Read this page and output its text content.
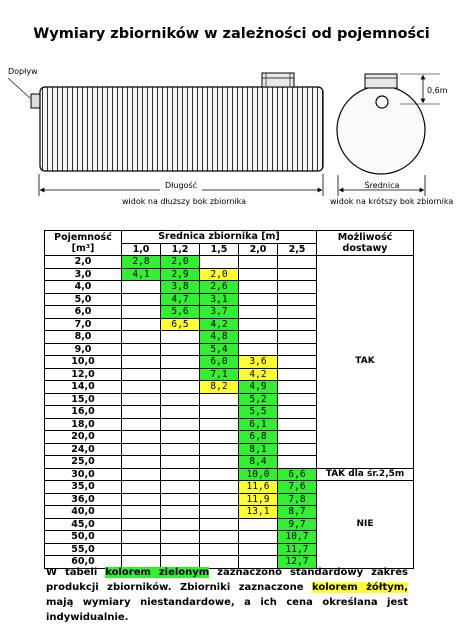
Wymiary zbiorników w zależności od pojemności
Dopływ
Długość	Średnica
0,6m
widok na dłuższy bok zbiornika	widok na krótszy bok zbiornika
Pojemność
[m³]	Średnica zbiornika [m]					Możliwość
dostawy
	1,0	1,2	1,5	2,0	2,5	
2,0	2,8	2,0				TAK
3,0	4,1	2,9	2,0			
4,0		3,8	2,6			
5,0		4,7	3,1			
6,0		5,6	3,7			
7,0		6,5	4,2			
8,0			4,8			
9,0			5,4			
10,0			6,0	3,6		
12,0			7,1	4,2		
14,0			8,2	4,9		
15,0				5,2		
16,0				5,5		
18,0				6,1		
20,0				6,8		
24,0				8,1		
25,0				8,4		
30,0				10,0	6,6	TAK dla śr.2,5m
35,0				11,6	7,6	NIE
36,0				11,9	7,8	
40,0				13,1	8,7	
45,0					9,7	
50,0					10,7	
55,0					11,7	
60,0					12,7	
W tabeli kolorem zielonym zaznaczono standardowy zakres produkcji zbiorników. Zbiorniki zaznaczone kolorem żółtym, mają wymiary niestandardowe, a ich cena określana jest indywidualnie.
